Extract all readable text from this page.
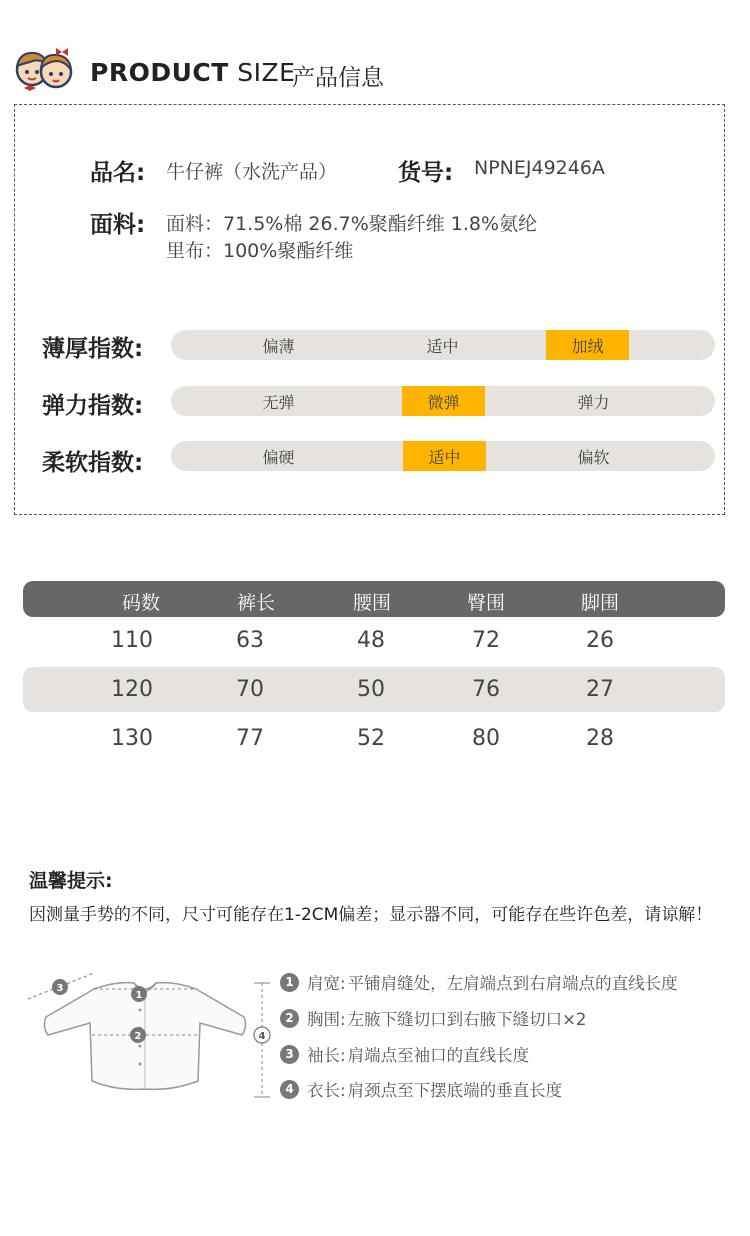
PRODUCT SIZE
产品信息
品名: 牛仔裤（水洗产品）	货号: NPNEJ49246A
面料: 面料：71.5%棉 26.7%聚酯纤维 1.8%氨纶
里布：100%聚酯纤维
薄厚指数:	偏薄	适中	加绒
弹力指数:	无弹	微弹	弹力
柔软指数:	偏硬	适中	偏软
码数	裤长	腰围	臀围	脚围
110	63	48	72	26
120	70	50	76	27
130	77	52	80	28
温馨提示:
因测量手势的不同，尺寸可能存在1-2CM偏差；显示器不同，可能存在些许色差，请谅解！
3
1
2	4
1 肩宽: 平铺肩缝处，左肩端点到右肩端点的直线长度
2 胸围: 左腋下缝切口到右腋下缝切口×2
3 袖长: 肩端点至袖口的直线长度
4 衣长: 肩颈点至下摆底端的垂直长度
